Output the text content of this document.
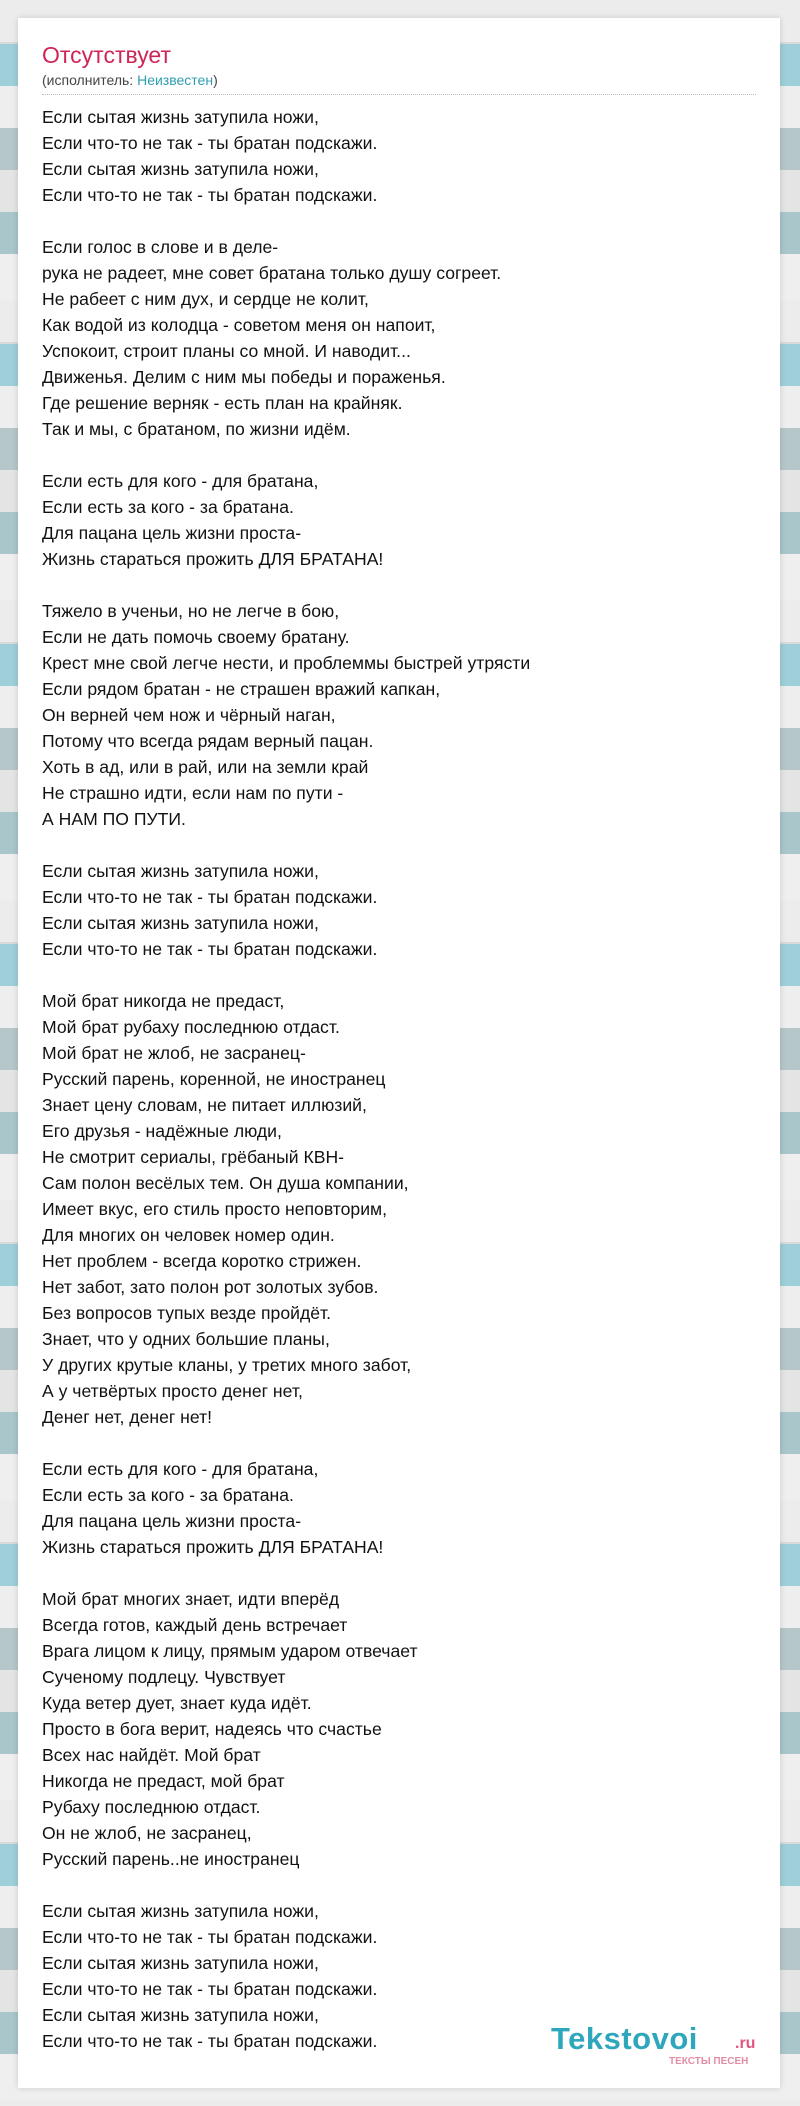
Отсутствует
(исполнитель: Неизвестен)
Если сытая жизнь затупила ножи,
Если что-то не так - ты братан подскажи.
Если сытая жизнь затупила ножи,
Если что-то не так - ты братан подскажи.
Если голос в слове и в деле-
рука не радеет, мне совет братана только душу согреет.
Не рабеет с ним дух, и сердце не колит,
Как водой из колодца - советом меня он напоит,
Успокоит, строит планы со мной. И наводит...
Движенья. Делим с ним мы победы и пораженья.
Где решение верняк - есть план на крайняк.
Так и мы, с братаном, по жизни идём.
Если есть для кого - для братана,
Если есть за кого - за братана.
Для пацана цель жизни проста-
Жизнь стараться прожить ДЛЯ БРАТАНА!
Тяжело в ученьи, но не легче в бою,
Если не дать помочь своему братану.
Крест мне свой легче нести, и проблеммы быстрей утрясти
Если рядом братан - не страшен вражий капкан,
Он верней чем нож и чёрный наган,
Потому что всегда рядам верный пацан.
Хоть в ад, или в рай, или на земли край
Не страшно идти, если нам по пути -
А НАМ ПО ПУТИ.
Если сытая жизнь затупила ножи,
Если что-то не так - ты братан подскажи.
Если сытая жизнь затупила ножи,
Если что-то не так - ты братан подскажи.
Мой брат никогда не предаст,
Мой брат рубаху последнюю отдаст.
Мой брат не жлоб, не засранец-
Русский парень, коренной, не иностранец
Знает цену словам, не питает иллюзий,
Его друзья - надёжные люди,
Не смотрит сериалы, грёбаный КВН-
Сам полон весёлых тем. Он душа компании,
Имеет вкус, его стиль просто неповторим,
Для многих он человек номер один.
Нет проблем - всегда коротко стрижен.
Нет забот, зато полон рот золотых зубов.
Без вопросов тупых везде пройдёт.
Знает, что у одних большие планы,
У других крутые кланы, у третих много забот,
А у четвёртых просто денег нет,
Денег нет, денег нет!
Если есть для кого - для братана,
Если есть за кого - за братана.
Для пацана цель жизни проста-
Жизнь стараться прожить ДЛЯ БРАТАНА!
Мой брат многих знает, идти вперёд
Всегда готов, каждый день встречает
Врага лицом к лицу, прямым ударом отвечает
Сученому подлецу. Чувствует
Куда ветер дует, знает куда идёт.
Просто в бога верит, надеясь что счастье
Всех нас найдёт. Мой брат
Никогда не предаст, мой брат
Рубаху последнюю отдаст.
Он не жлоб, не засранец,
Русский парень..не иностранец
Если сытая жизнь затупила ножи,
Если что-то не так - ты братан подскажи.
Если сытая жизнь затупила ножи,
Если что-то не так - ты братан подскажи.
Если сытая жизнь затупила ножи,
Если что-то не так - ты братан подскажи.	Tekstovoi .ru
ТЕКСТЫ ПЕСЕН
